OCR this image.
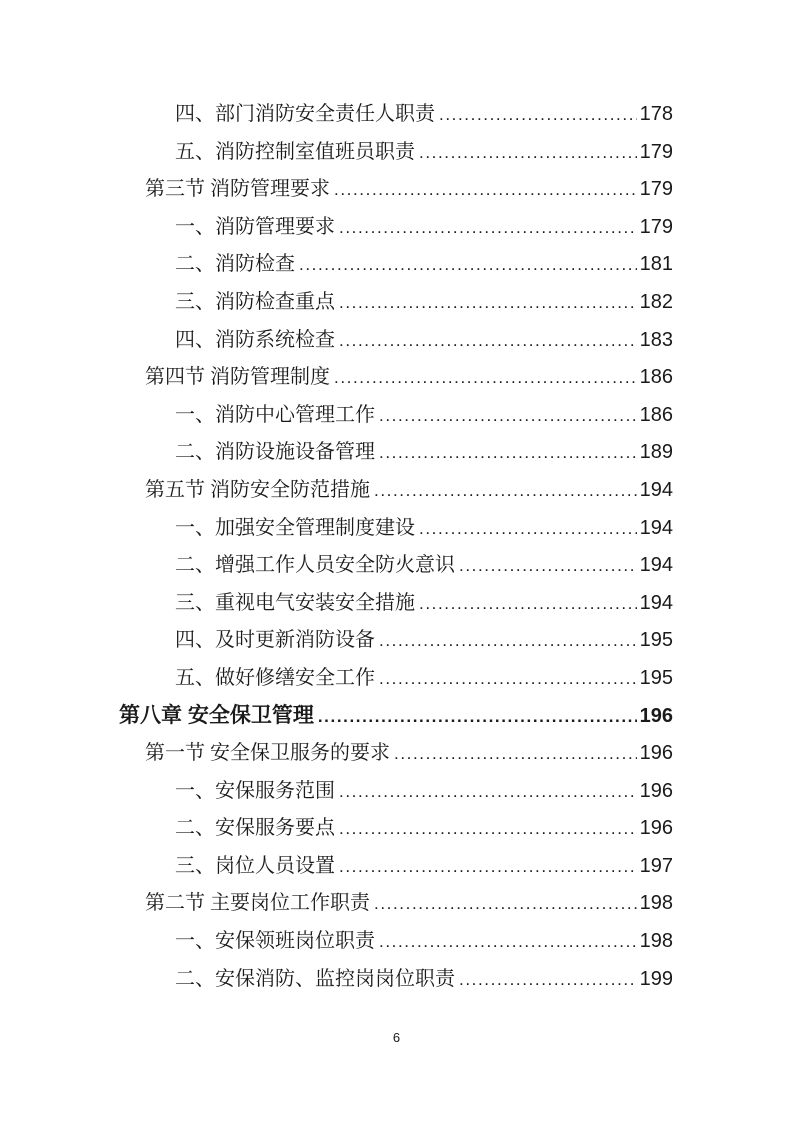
四、部门消防安全责任人职责 .....	178
五、消防控制室值班员职责 .....	179
第三节 消防管理要求 .....	179
一、消防管理要求 .....	179
二、消防检查 .....	181
三、消防检查重点 .....	182
四、消防系统检查 .....	183
第四节 消防管理制度 .....	186
一、消防中心管理工作 .....	186
二、消防设施设备管理 .....	189
第五节 消防安全防范措施 .....	194
一、加强安全管理制度建设 .....	194
二、增强工作人员安全防火意识 .....	194
三、重视电气安装安全措施 .....	194
四、及时更新消防设备 .....	195
五、做好修缮安全工作 .....	195
第八章 安全保卫管理 .....	196
第一节 安全保卫服务的要求 .....	196
一、安保服务范围 .....	196
二、安保服务要点 .....	196
三、岗位人员设置 .....	197
第二节 主要岗位工作职责 .....	198
一、安保领班岗位职责 .....	198
二、安保消防、监控岗岗位职责 .....	199
6
